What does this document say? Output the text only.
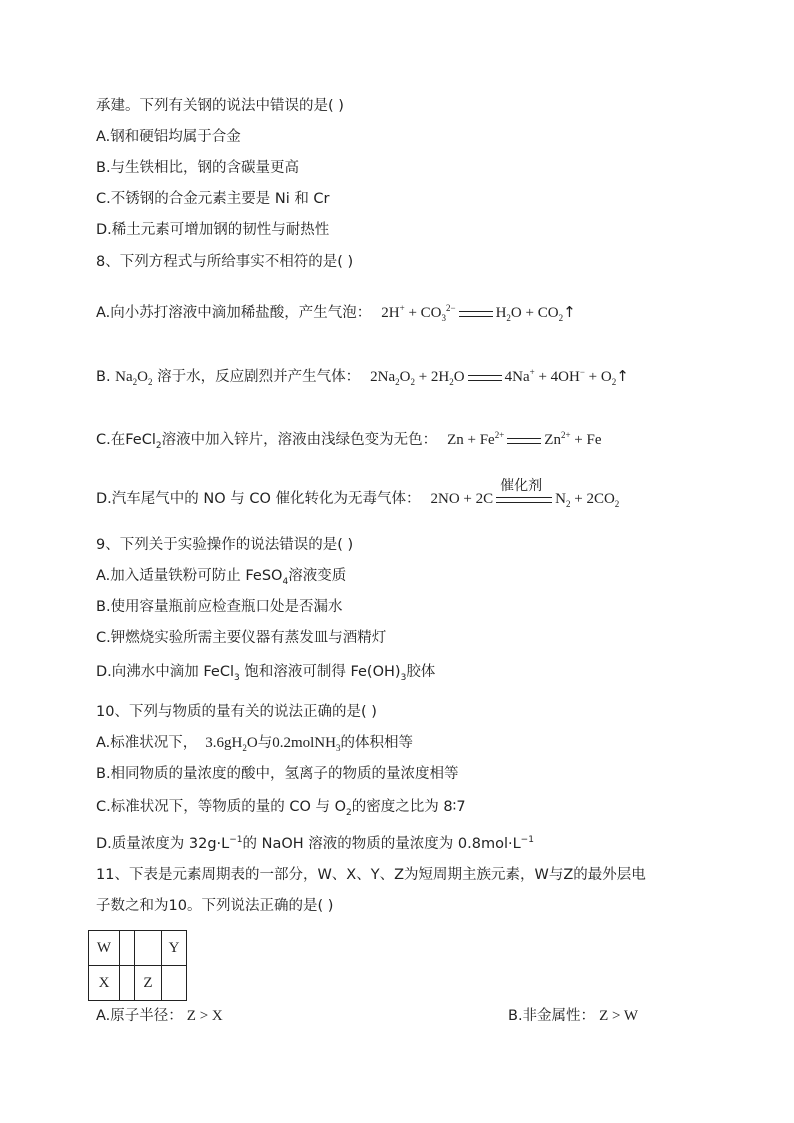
承建。下列有关钢的说法中错误的是( )
A.钢和硬铝均属于合金
B.与生铁相比，钢的含碳量更高
C.不锈钢的合金元素主要是 Ni 和 Cr
D.稀土元素可增加钢的韧性与耐热性
8、下列方程式与所给事实不相符的是( )
A.向小苏打溶液中滴加稀盐酸，产生气泡： $2H^+ + CO_3^{2-}$	$H_2O$ + $CO_2↑$
B. $Na_2O_2$ 溶于水，反应剧烈并产生气体： $2Na_2O_2 + 2H_2O$	$4Na^+ + 4OH^- + O_2↑$
C.在FeCl$_2$溶液中加入锌片，溶液由浅绿色变为无色： $Zn + Fe^{2+}$	$Zn^{2+} + Fe$
D.汽车尾气中的 NO 与 CO 催化转化为无毒气体： 2NO + 2C
催化剂
$N_2 + 2CO_2$
9、下列关于实验操作的说法错误的是( )
A.加入适量铁粉可防止 FeSO$_4$溶液变质
B.使用容量瓶前应检查瓶口处是否漏水
C.钾燃烧实验所需主要仪器有蒸发皿与酒精灯
D.向沸水中滴加 FeCl$_3$ 饱和溶液可制得 $Fe(OH)_3$胶体
10、下列与物质的量有关的说法正确的是( )
A.标准状况下， $3.6gH_2O$与0.2molNH$_3$的体积相等
B.相同物质的量浓度的酸中，氢离子的物质的量浓度相等
C.标准状况下，等物质的量的 CO 与 $O_2$的密度之比为 8∶7
D.质量浓度为 $32g\cdot L^{-1}$的 NaOH 溶液的物质的量浓度为 $0.8mol\cdot L^{-1}$
11、下表是元素周期表的一部分，W、X、Y、Z为短周期主族元素，W与Z的最外层电
子数之和为10。下列说法正确的是( )
W			Y
X		Z	
A.原子半径： Z > X	B.非金属性： Z > W
